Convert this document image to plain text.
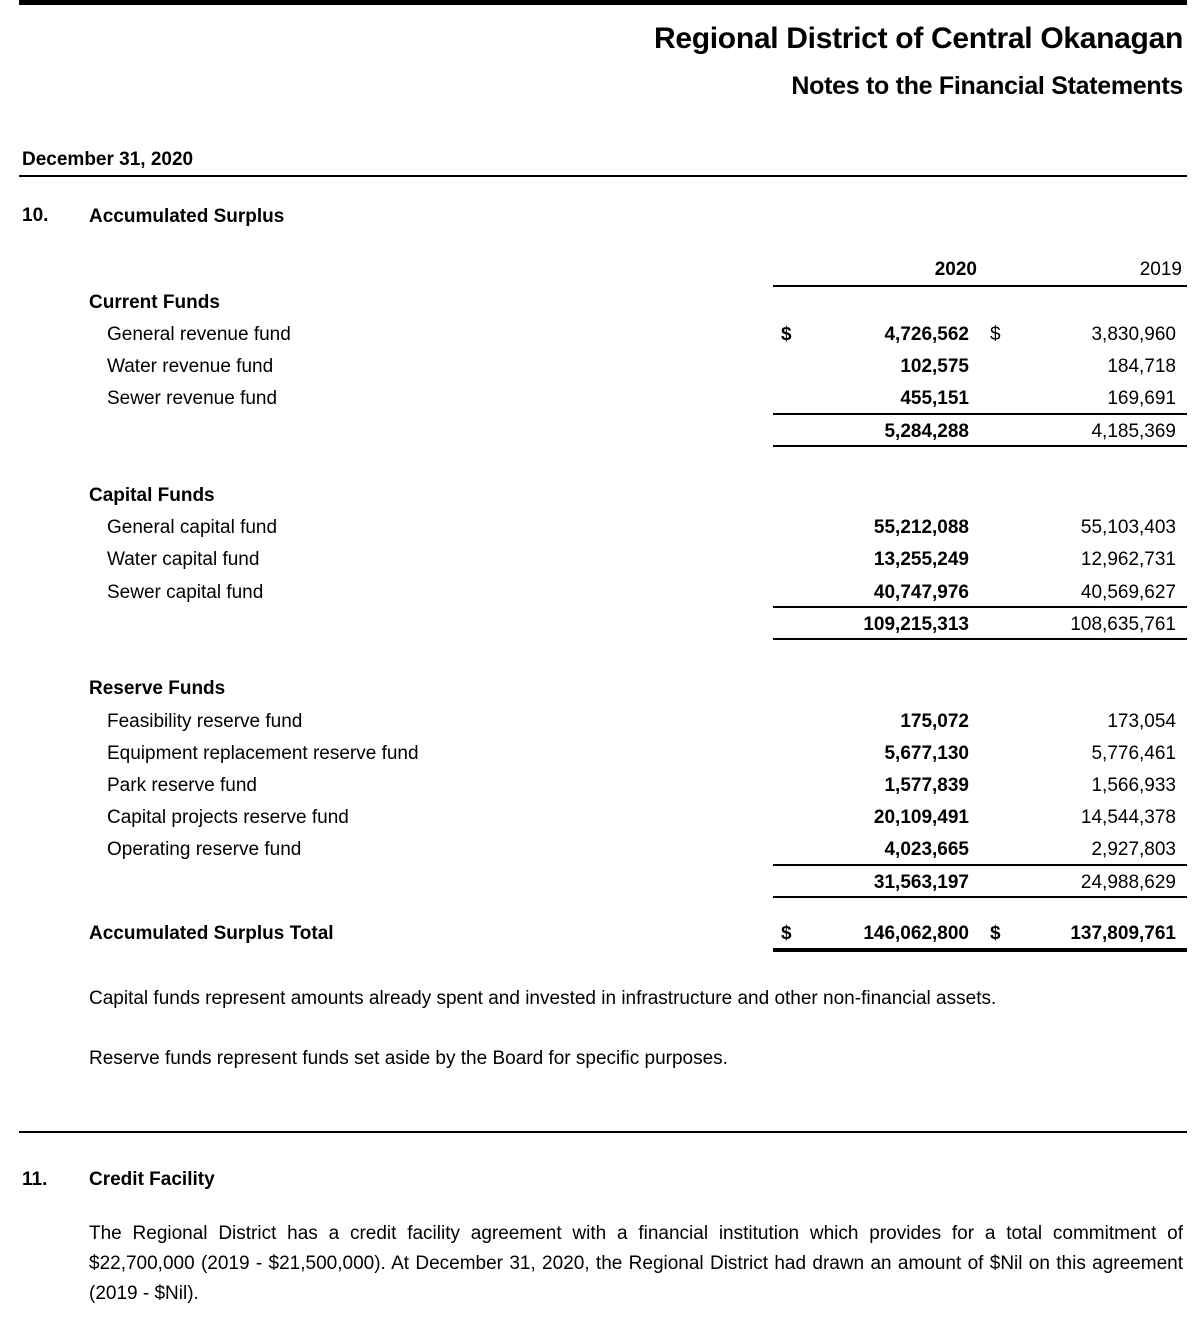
Regional District of Central Okanagan
Notes to the Financial Statements
December 31, 2020
10. Accumulated Surplus
2020	2019
Current Funds
General revenue fund	$	4,726,562 $	3,830,960
Water revenue fund	102,575	184,718
Sewer revenue fund	455,151	169,691
5,284,288	4,185,369
Capital Funds
General capital fund	55,212,088	55,103,403
Water capital fund	13,255,249	12,962,731
Sewer capital fund	40,747,976	40,569,627
109,215,313	108,635,761
Reserve Funds
Feasibility reserve fund	175,072	173,054
Equipment replacement reserve fund	5,677,130	5,776,461
Park reserve fund	1,577,839	1,566,933
Capital projects reserve fund	20,109,491	14,544,378
Operating reserve fund	4,023,665	2,927,803
31,563,197	24,988,629
Accumulated Surplus Total	$	146,062,800 $	137,809,761
Capital funds represent amounts already spent and invested in infrastructure and other non-financial assets.
Reserve funds represent funds set aside by the Board for specific purposes.
11. Credit Facility
The Regional District has a credit facility agreement with a financial institution which provides for a total commitment of $22,700,000 (2019 - $21,500,000). At December 31, 2020, the Regional District had drawn an amount of $Nil on this agreement (2019 - $Nil).
